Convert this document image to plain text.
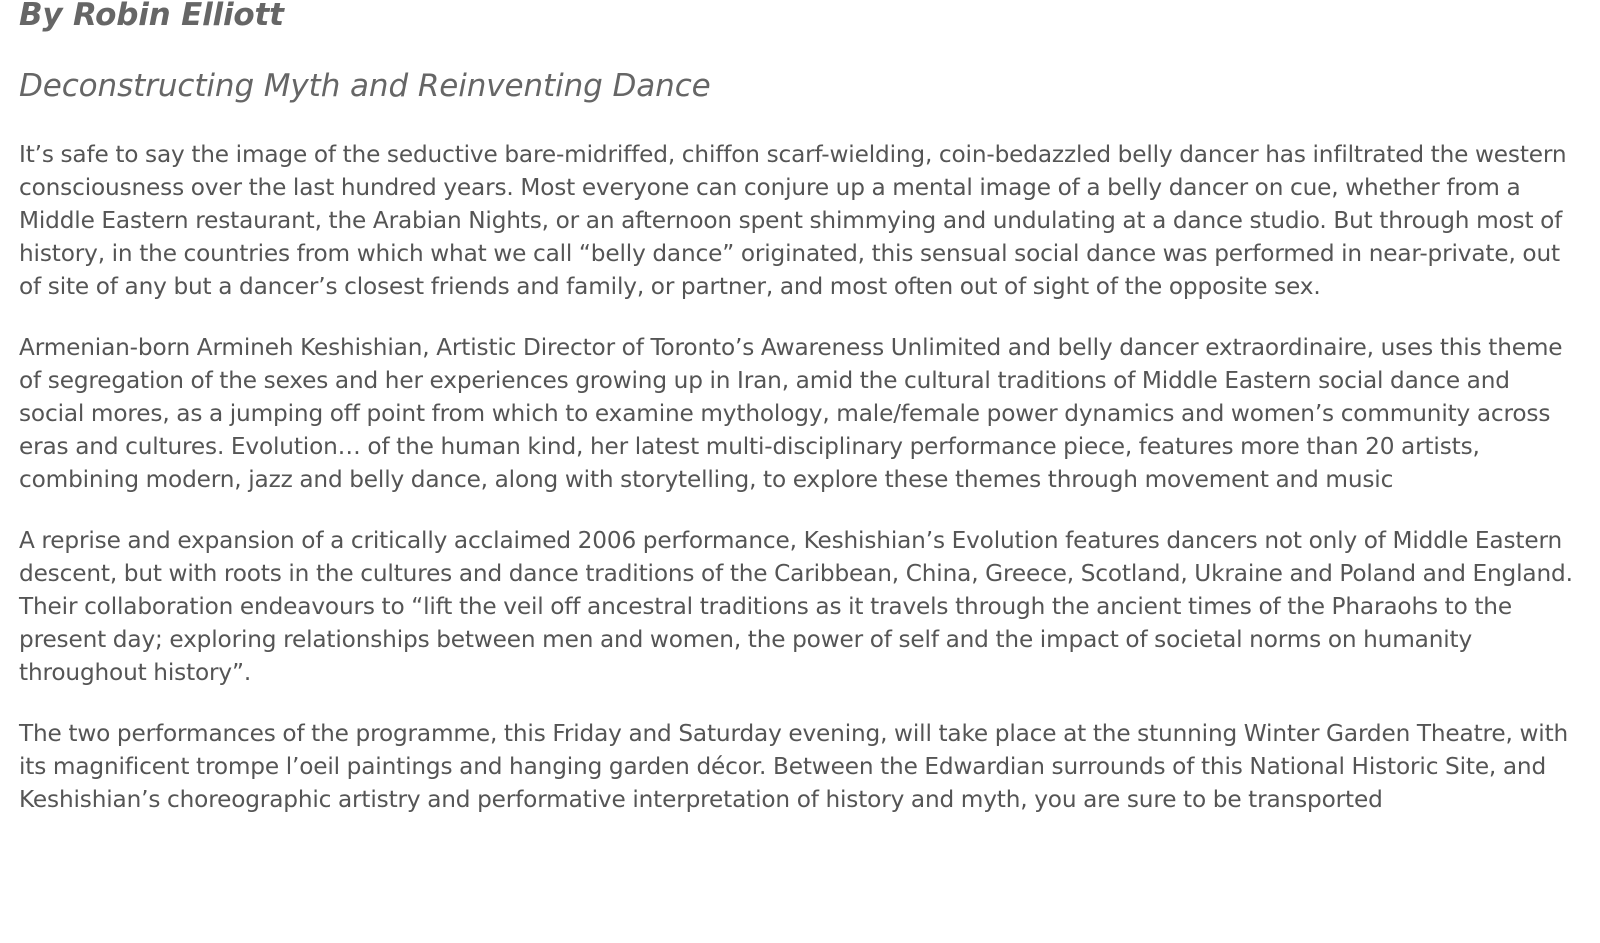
By Robin Elliott
Deconstructing Myth and Reinventing Dance

It’s safe to say the image of the seductive bare-midriffed, chiffon scarf-wielding, coin-bedazzled belly dancer has infiltrated the western consciousness over the last hundred years. Most everyone can conjure up a mental image of a belly dancer on cue, whether from a Middle Eastern restaurant, the Arabian Nights, or an afternoon spent shimmying and undulating at a dance studio. But through most of history, in the countries from which what we call “belly dance” originated, this sensual social dance was performed in near-private, out of site of any but a dancer’s closest friends and family, or partner, and most often out of sight of the opposite sex.

Armenian-born Armineh Keshishian, Artistic Director of Toronto’s Awareness Unlimited and belly dancer extraordinaire, uses this theme of segregation of the sexes and her experiences growing up in Iran, amid the cultural traditions of Middle Eastern social dance and social mores, as a jumping off point from which to examine mythology, male/female power dynamics and women’s community across eras and cultures. Evolution… of the human kind, her latest multi-disciplinary performance piece, features more than 20 artists, combining modern, jazz and belly dance, along with storytelling, to explore these themes through movement and music

A reprise and expansion of a critically acclaimed 2006 performance, Keshishian’s Evolution features dancers not only of Middle Eastern descent, but with roots in the cultures and dance traditions of the Caribbean, China, Greece, Scotland, Ukraine and Poland and England. Their collaboration endeavours to “lift the veil off ancestral traditions as it travels through the ancient times of the Pharaohs to the present day; exploring relationships between men and women, the power of self and the impact of societal norms on humanity throughout history”.

The two performances of the programme, this Friday and Saturday evening, will take place at the stunning Winter Garden Theatre, with its magnificent trompe l’oeil paintings and hanging garden décor. Between the Edwardian surrounds of this National Historic Site, and Keshishian’s choreographic artistry and performative interpretation of history and myth, you are sure to be transported
